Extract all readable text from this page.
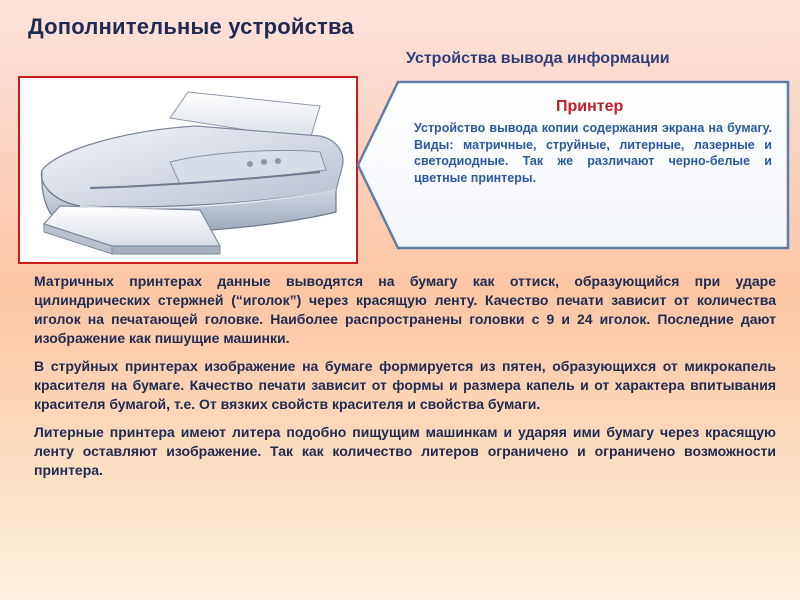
Дополнительные устройства
Устройства вывода информации
Принтер
Устройство вывода копии содержания экрана на бумагу. Виды: матричные, струйные, литерные, лазерные и светодиодные. Так же различают черно-белые и цветные принтеры.

Матричных принтерах данные выводятся на бумагу как оттиск, образующийся при ударе цилиндрических стержней (“иголок”) через красящую ленту. Качество печати зависит от количества иголок на печатающей головке. Наиболее распространены головки с 9 и 24 иголок. Последние дают изображение как пишущие машинки.

В струйных принтерах изображение на бумаге формируется из пятен, образующихся от микрокапель красителя на бумаге. Качество печати зависит от формы и размера капель и от характера впитывания красителя бумагой, т.е. От вязких свойств красителя и свойства бумаги.

Литерные принтера имеют литера подобно пищущим машинкам и ударяя ими бумагу через красящую ленту оставляют изображение. Так как количество литеров ограничено и ограничено возможности принтера.
